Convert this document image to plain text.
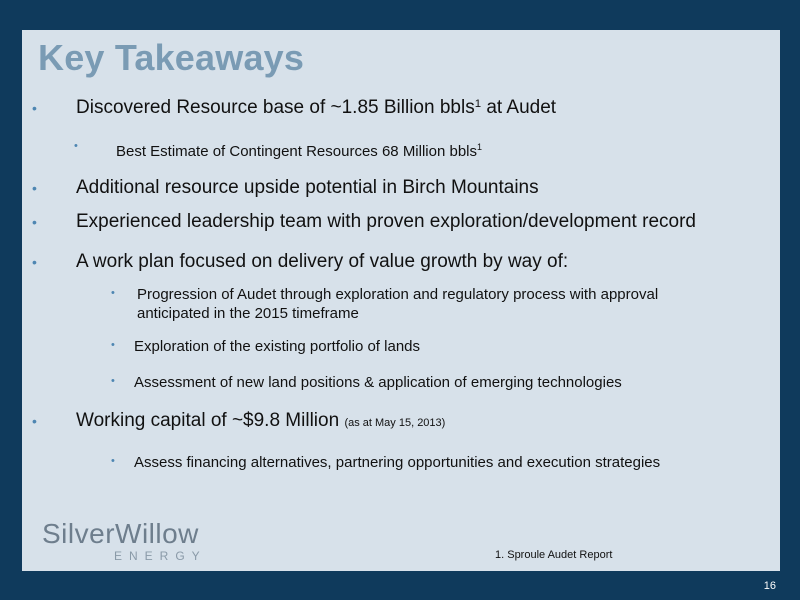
Key Takeaways
• Discovered Resource base of ~1.85 Billion bbls$^1$ at Audet
•	Best Estimate of Contingent Resources 68 Million bbls$^1$
• Additional resource upside potential in Birch Mountains
• Experienced leadership team with proven exploration/development record
• A work plan focused on delivery of value growth by way of:
• Progression of Audet through exploration and regulatory process with approval
anticipated in the 2015 timeframe
• Exploration of the existing portfolio of lands
• Assessment of new land positions & application of emerging technologies
• Working capital of ~$9.8 Million (as at May 15, 2013)
• Assess financing alternatives, partnering opportunities and execution strategies
SilverWillow
ENERGY	1. Sproule Audet Report
16
